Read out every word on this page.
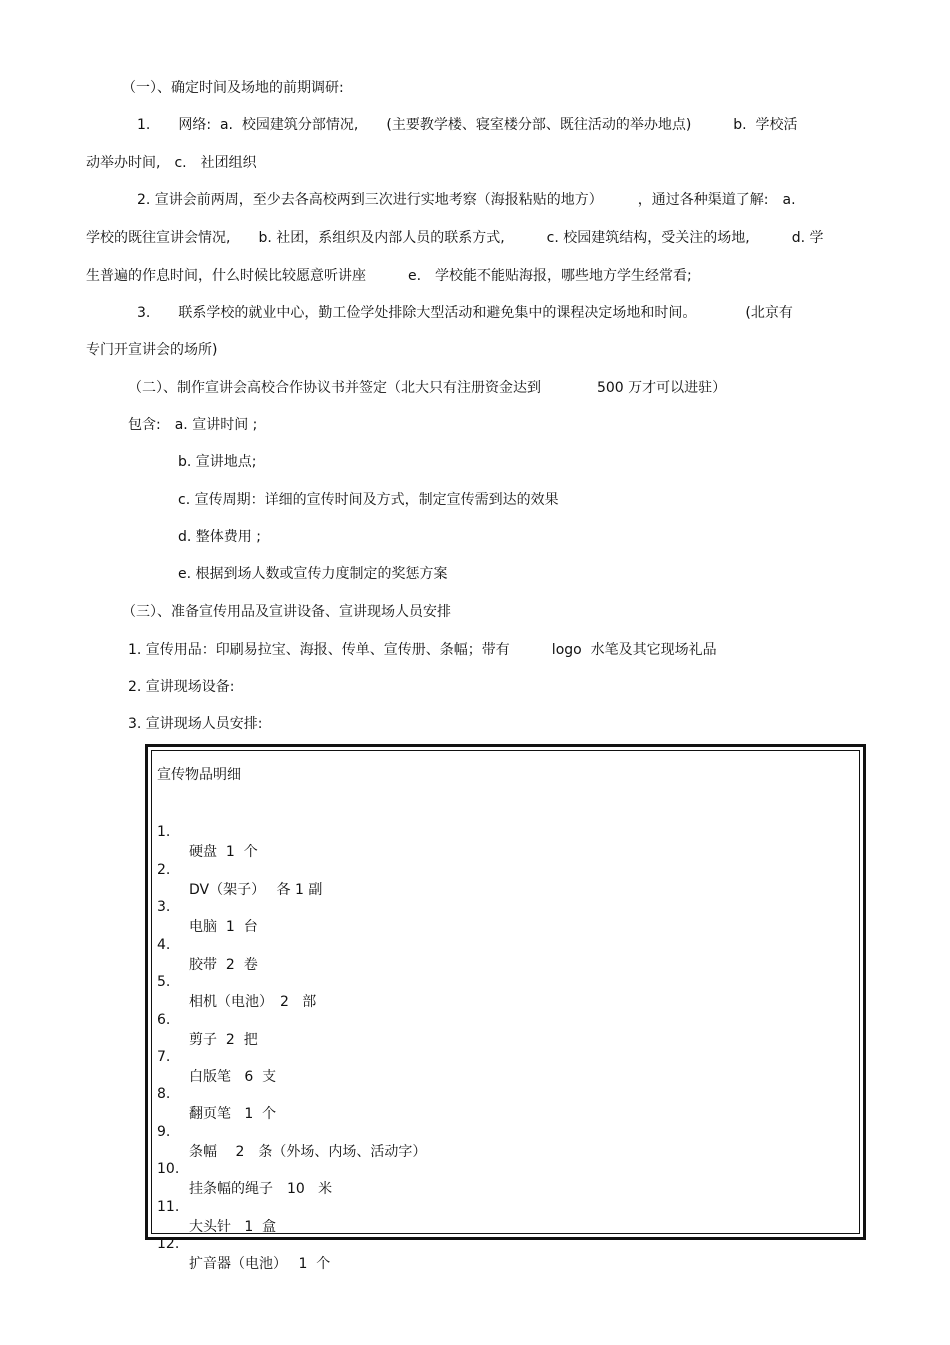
（一）、确定时间及场地的前期调研:
1.　　网络:  a.  校园建筑分部情况,　　(主要教学楼、寝室楼分部、既往活动的举办地点)　　　b.  学校活
动举办时间,　c.　社团组织
2. 宣讲会前两周，至少去各高校两到三次进行实地考察（海报粘贴的地方）　　　，通过各种渠道了解:　a.
学校的既往宣讲会情况,　　b. 社团，系组织及内部人员的联系方式,　　　c. 校园建筑结构，受关注的场地,　　　d. 学
生普遍的作息时间，什么时候比较愿意听讲座　　　e.　学校能不能贴海报，哪些地方学生经常看;
3.　　联系学校的就业中心，勤工俭学处排除大型活动和避免集中的课程决定场地和时间。　　　　(北京有
专门开宣讲会的场所)
（二）、制作宣讲会高校合作协议书并签定（北大只有注册资金达到　　　　500 万才可以进驻）
包含:　a. 宣讲时间 ;
b. 宣讲地点;
c. 宣传周期：详细的宣传时间及方式，制定宣传需到达的效果
d. 整体费用 ;
e. 根据到场人数或宣传力度制定的奖惩方案
（三）、准备宣传用品及宣讲设备、宣讲现场人员安排
1. 宣传用品：印刷易拉宝、海报、传单、宣传册、条幅；带有　　　logo  水笔及其它现场礼品
2. 宣讲现场设备:
3. 宣讲现场人员安排:
宣传物品明细

1.

硬盘  1  个

2.

DV（架子）　 各 1 副

3.

电脑  1  台

4.

胶带  2  卷

5.

相机（电池）　2   部

6.

剪子  2  把

7.

白版笔   6  支

8.

翻页笔   1  个

9.

条幅　 2　条（外场、内场、活动字）

10.

挂条幅的绳子　10   米

11.

大头针   1  盒

12.

扩音器（电池）　 1  个
